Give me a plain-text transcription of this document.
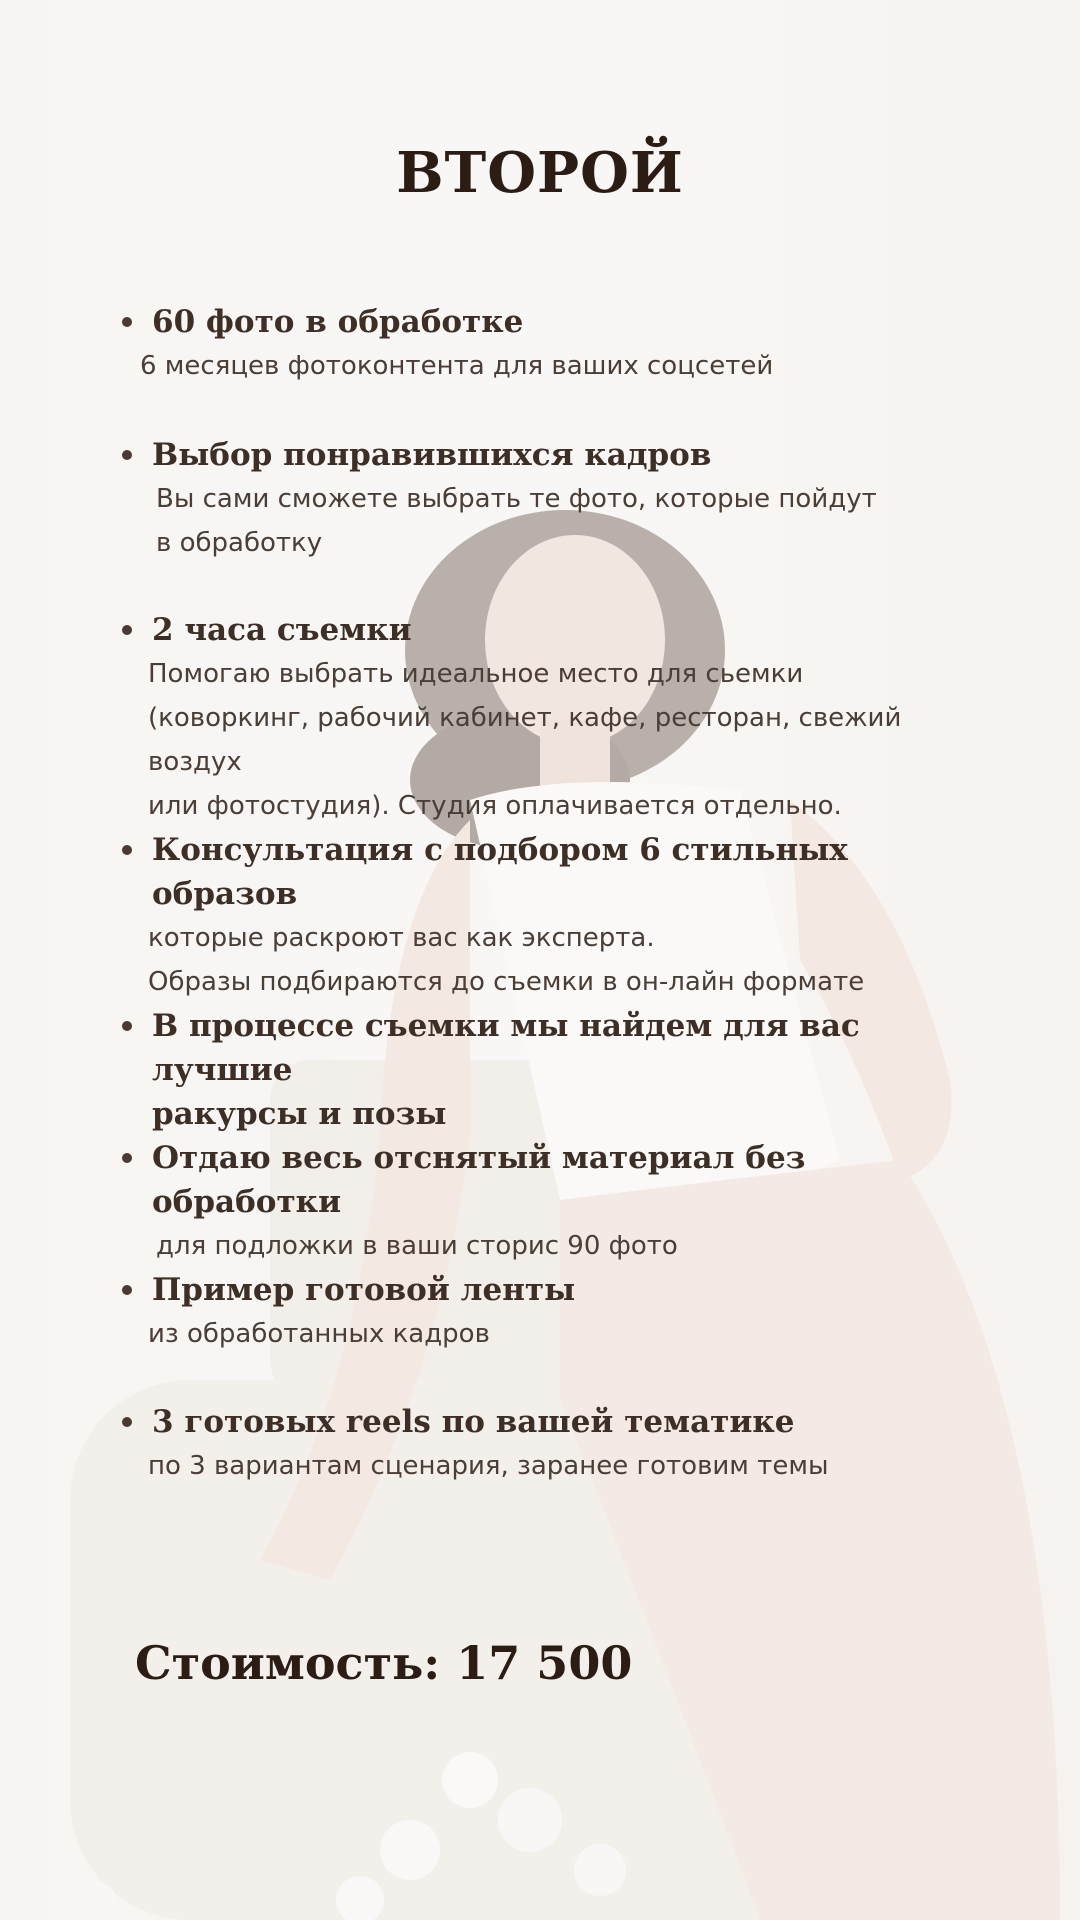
ВТОРОЙ

60 фото в обработке

6 месяцев фотоконтента для ваших соцсетей

Выбор понравившихся кадров

Вы сами сможете выбрать те фото, которые пойдут
в обработку

2 часа съемки

Помогаю выбрать идеальное место для сьемки
(коворкинг, рабочий кабинет, кафе, ресторан, свежий воздух
или фотостудия). Студия оплачивается отдельно.

Консультация с подбором 6 стильных образов

которые раскроют вас как эксперта.
Образы подбираются до съемки в он-лайн формате

В процессе съемки мы найдем для вас лучшие
ракурсы и позы

Отдаю весь отснятый материал без обработки

для подложки в ваши сторис 90 фото

Пример готовой ленты

из обработанных кадров

3 готовых reels по вашей тематике

по 3 вариантам сценария, заранее готовим темы

Стоимость: 17 500
